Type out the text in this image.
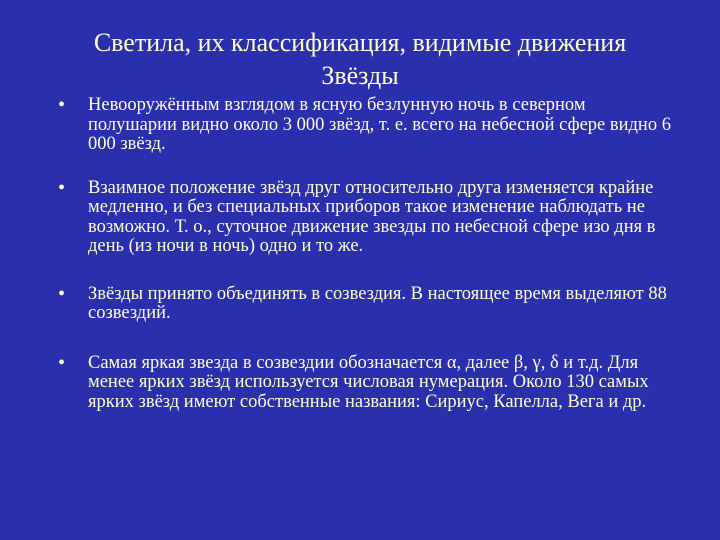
Светила, их классификация, видимые движения
Звёзды
• Невооружённым взглядом в ясную безлунную ночь в северном полушарии видно около 3 000 звёзд, т. е. всего на небесной сфере видно 6 000 звёзд.
• Взаимное положение звёзд друг относительно друга изменяется крайне медленно, и без специальных приборов такое изменение наблюдать не возможно. Т. о., суточное движение звезды по небесной сфере изо дня в день (из ночи в ночь) одно и то же.
• Звёзды принято объединять в созвездия. В настоящее время выделяют 88 созвездий.
• Самая яркая звезда в созвездии обозначается α, далее β, γ, δ и т.д. Для менее ярких звёзд используется числовая нумерация. Около 130 самых ярких звёзд имеют собственные названия: Сириус, Капелла, Вега и др.
